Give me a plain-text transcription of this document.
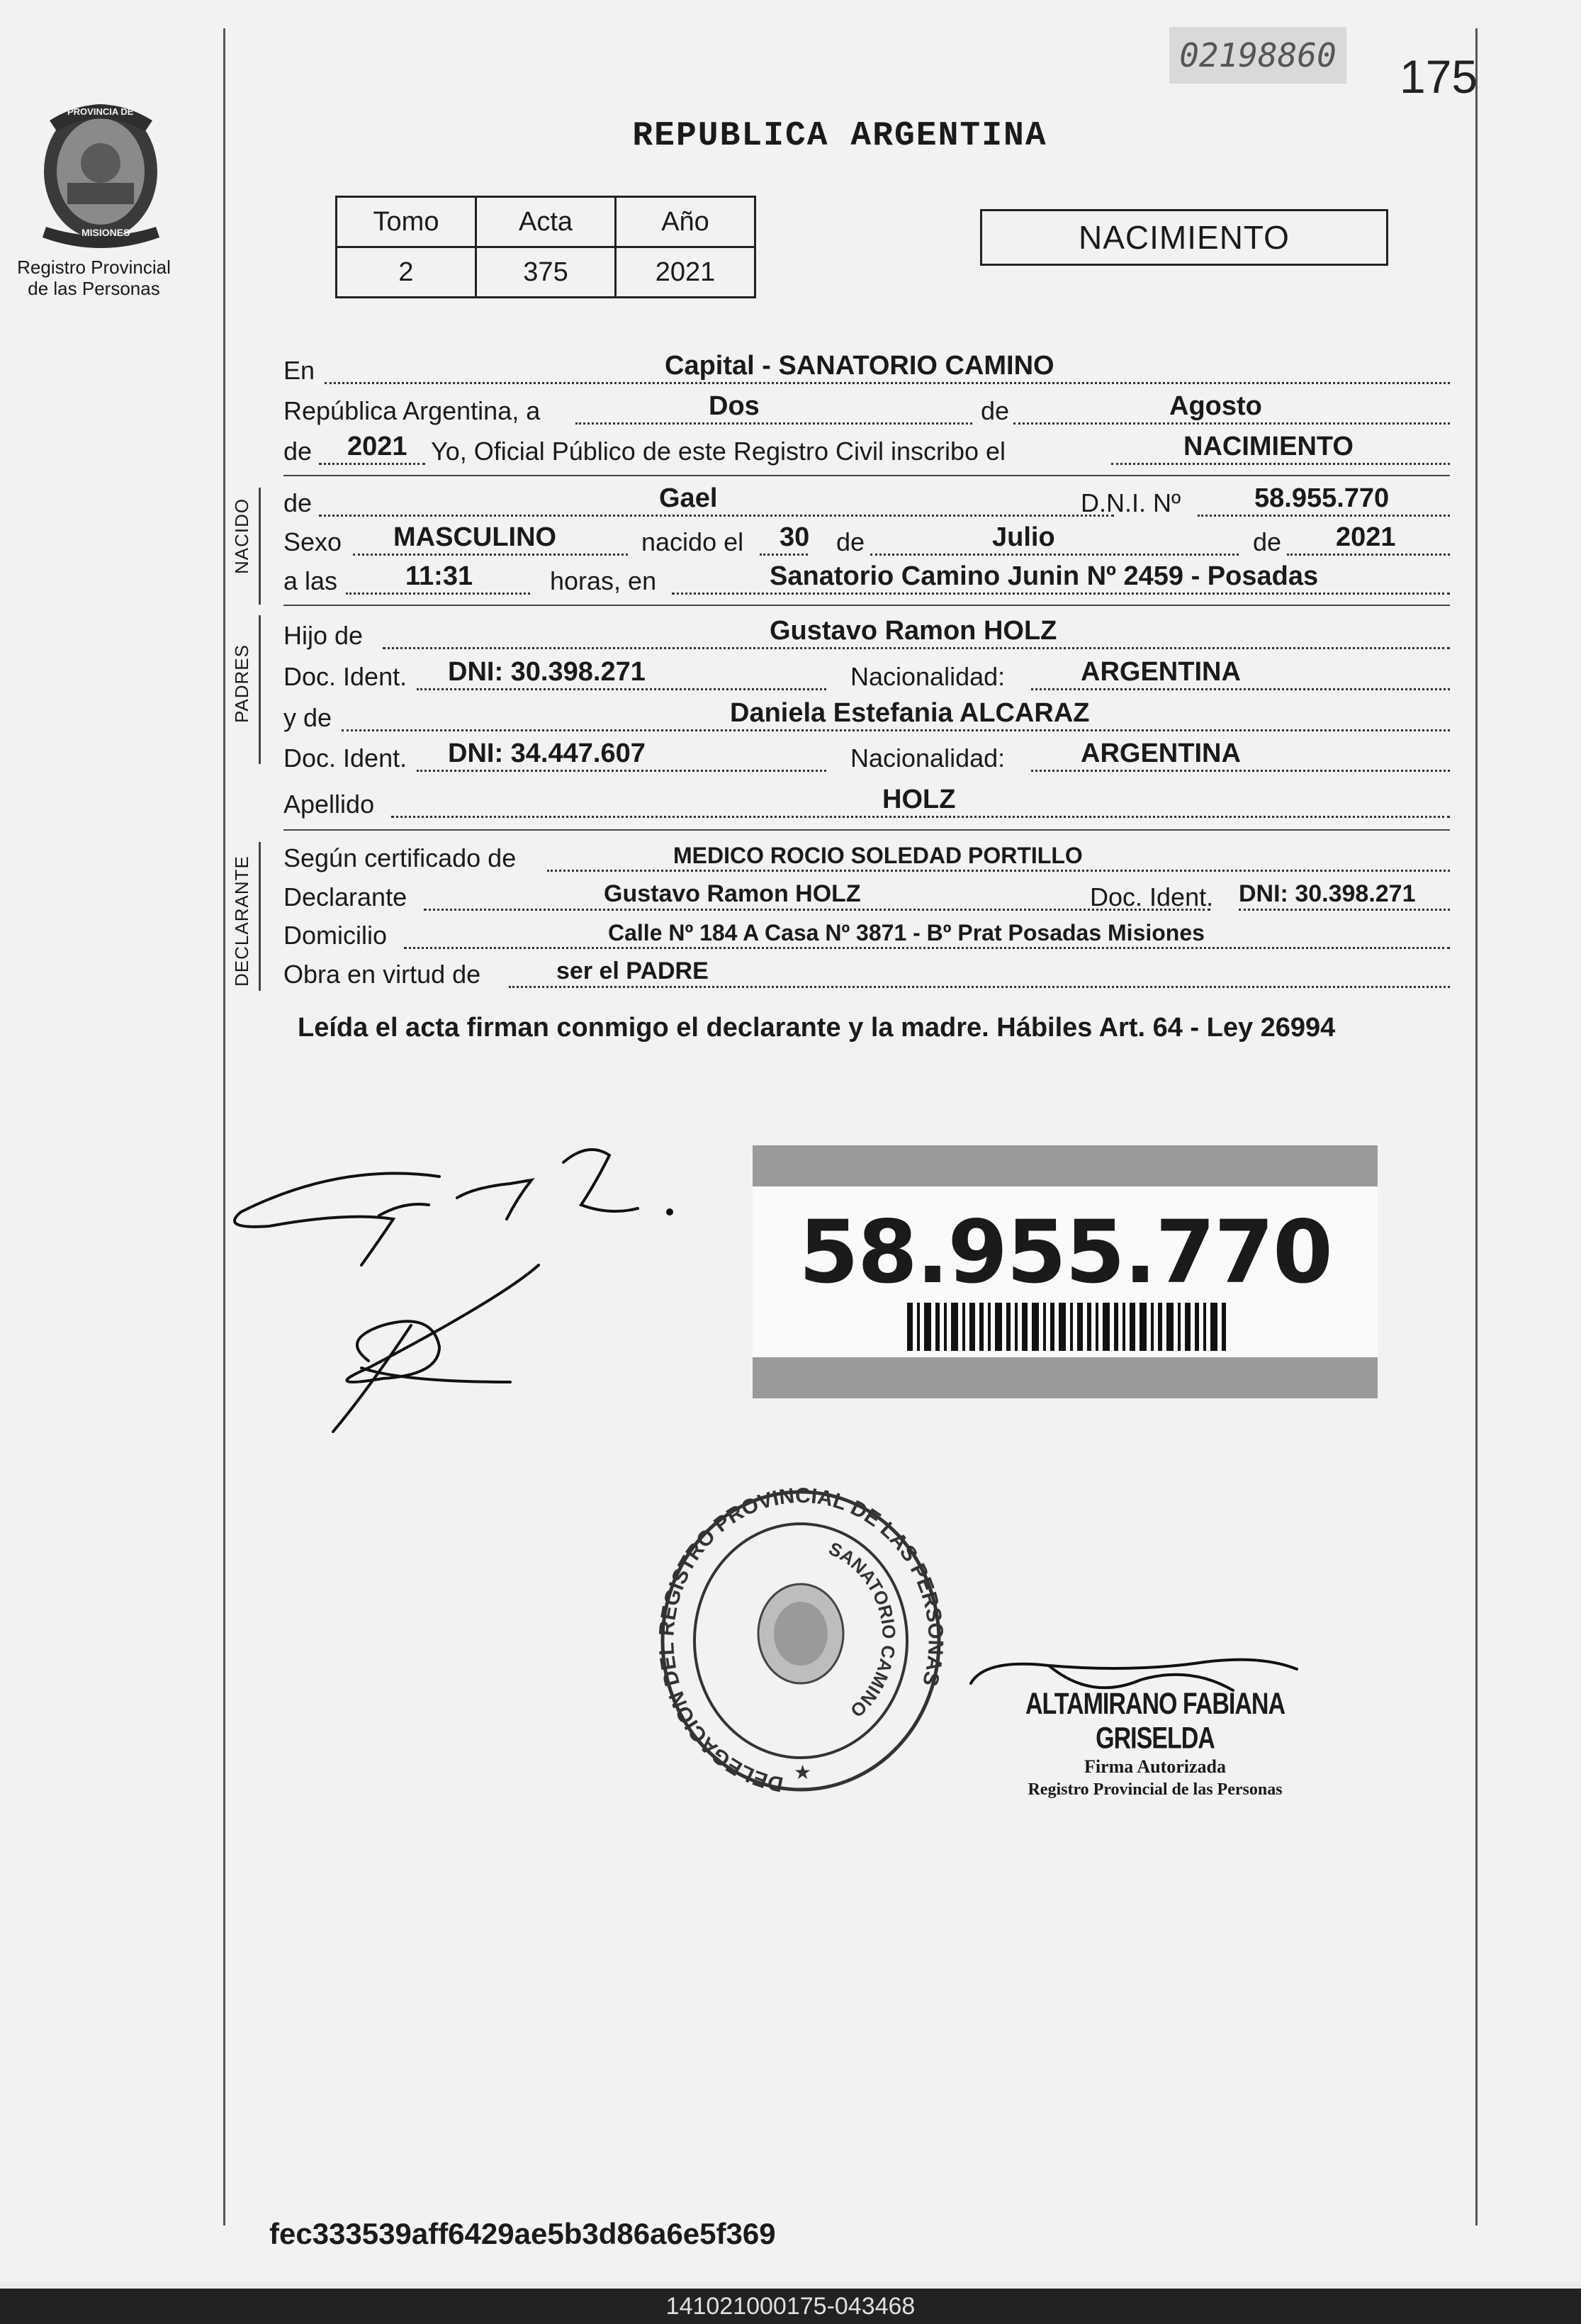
02198860 175
PROVINCIA DE
MISIONES
Registro Provincial
de las Personas
REPUBLICA ARGENTINA
Tomo	Acta	Año
2	375	2021
NACIMIENTO
En	Capital - SANATORIO CAMINO
República Argentina, a	Dos	de	Agosto
de 2021 Yo, Oficial Público de este Registro Civil inscribo el	NACIMIENTO
NACIDO de	Gael	D.N.I. Nº	58.955.770
Sexo MASCULINO	nacido el 30 de	Julio	de 2021
a las	11:31	horas, en	Sanatorio Camino Junin Nº 2459 - Posadas
PADRES
Hijo de	Gustavo Ramon HOLZ
Doc. Ident. DNI: 30.398.271	Nacionalidad:	ARGENTINA
y de	Daniela Estefania ALCARAZ
Doc. Ident. DNI: 34.447.607	Nacionalidad:	ARGENTINA
Apellido	HOLZ
DECLARANTE Según certificado de	MEDICO ROCIO SOLEDAD PORTILLO
Declarante	Gustavo Ramon HOLZ	Doc. Ident. DNI: 30.398.271
Domicilio	Calle Nº 184 A Casa Nº 3871 - Bº Prat Posadas Misiones
Obra en virtud de	ser el PADRE
Leída el acta firman conmigo el declarante y la madre. Hábiles Art. 64 - Ley 26994
58.955.770
DELEGACION DEL REGISTRO PROVINCIAL DE LAS PERSONAS
SANATORIO CAMINO
★
ALTAMIRANO FABIANA GRISELDA
Firma Autorizada
Registro Provincial de las Personas
fec333539aff6429ae5b3d86a6e5f369
141021000175-043468
